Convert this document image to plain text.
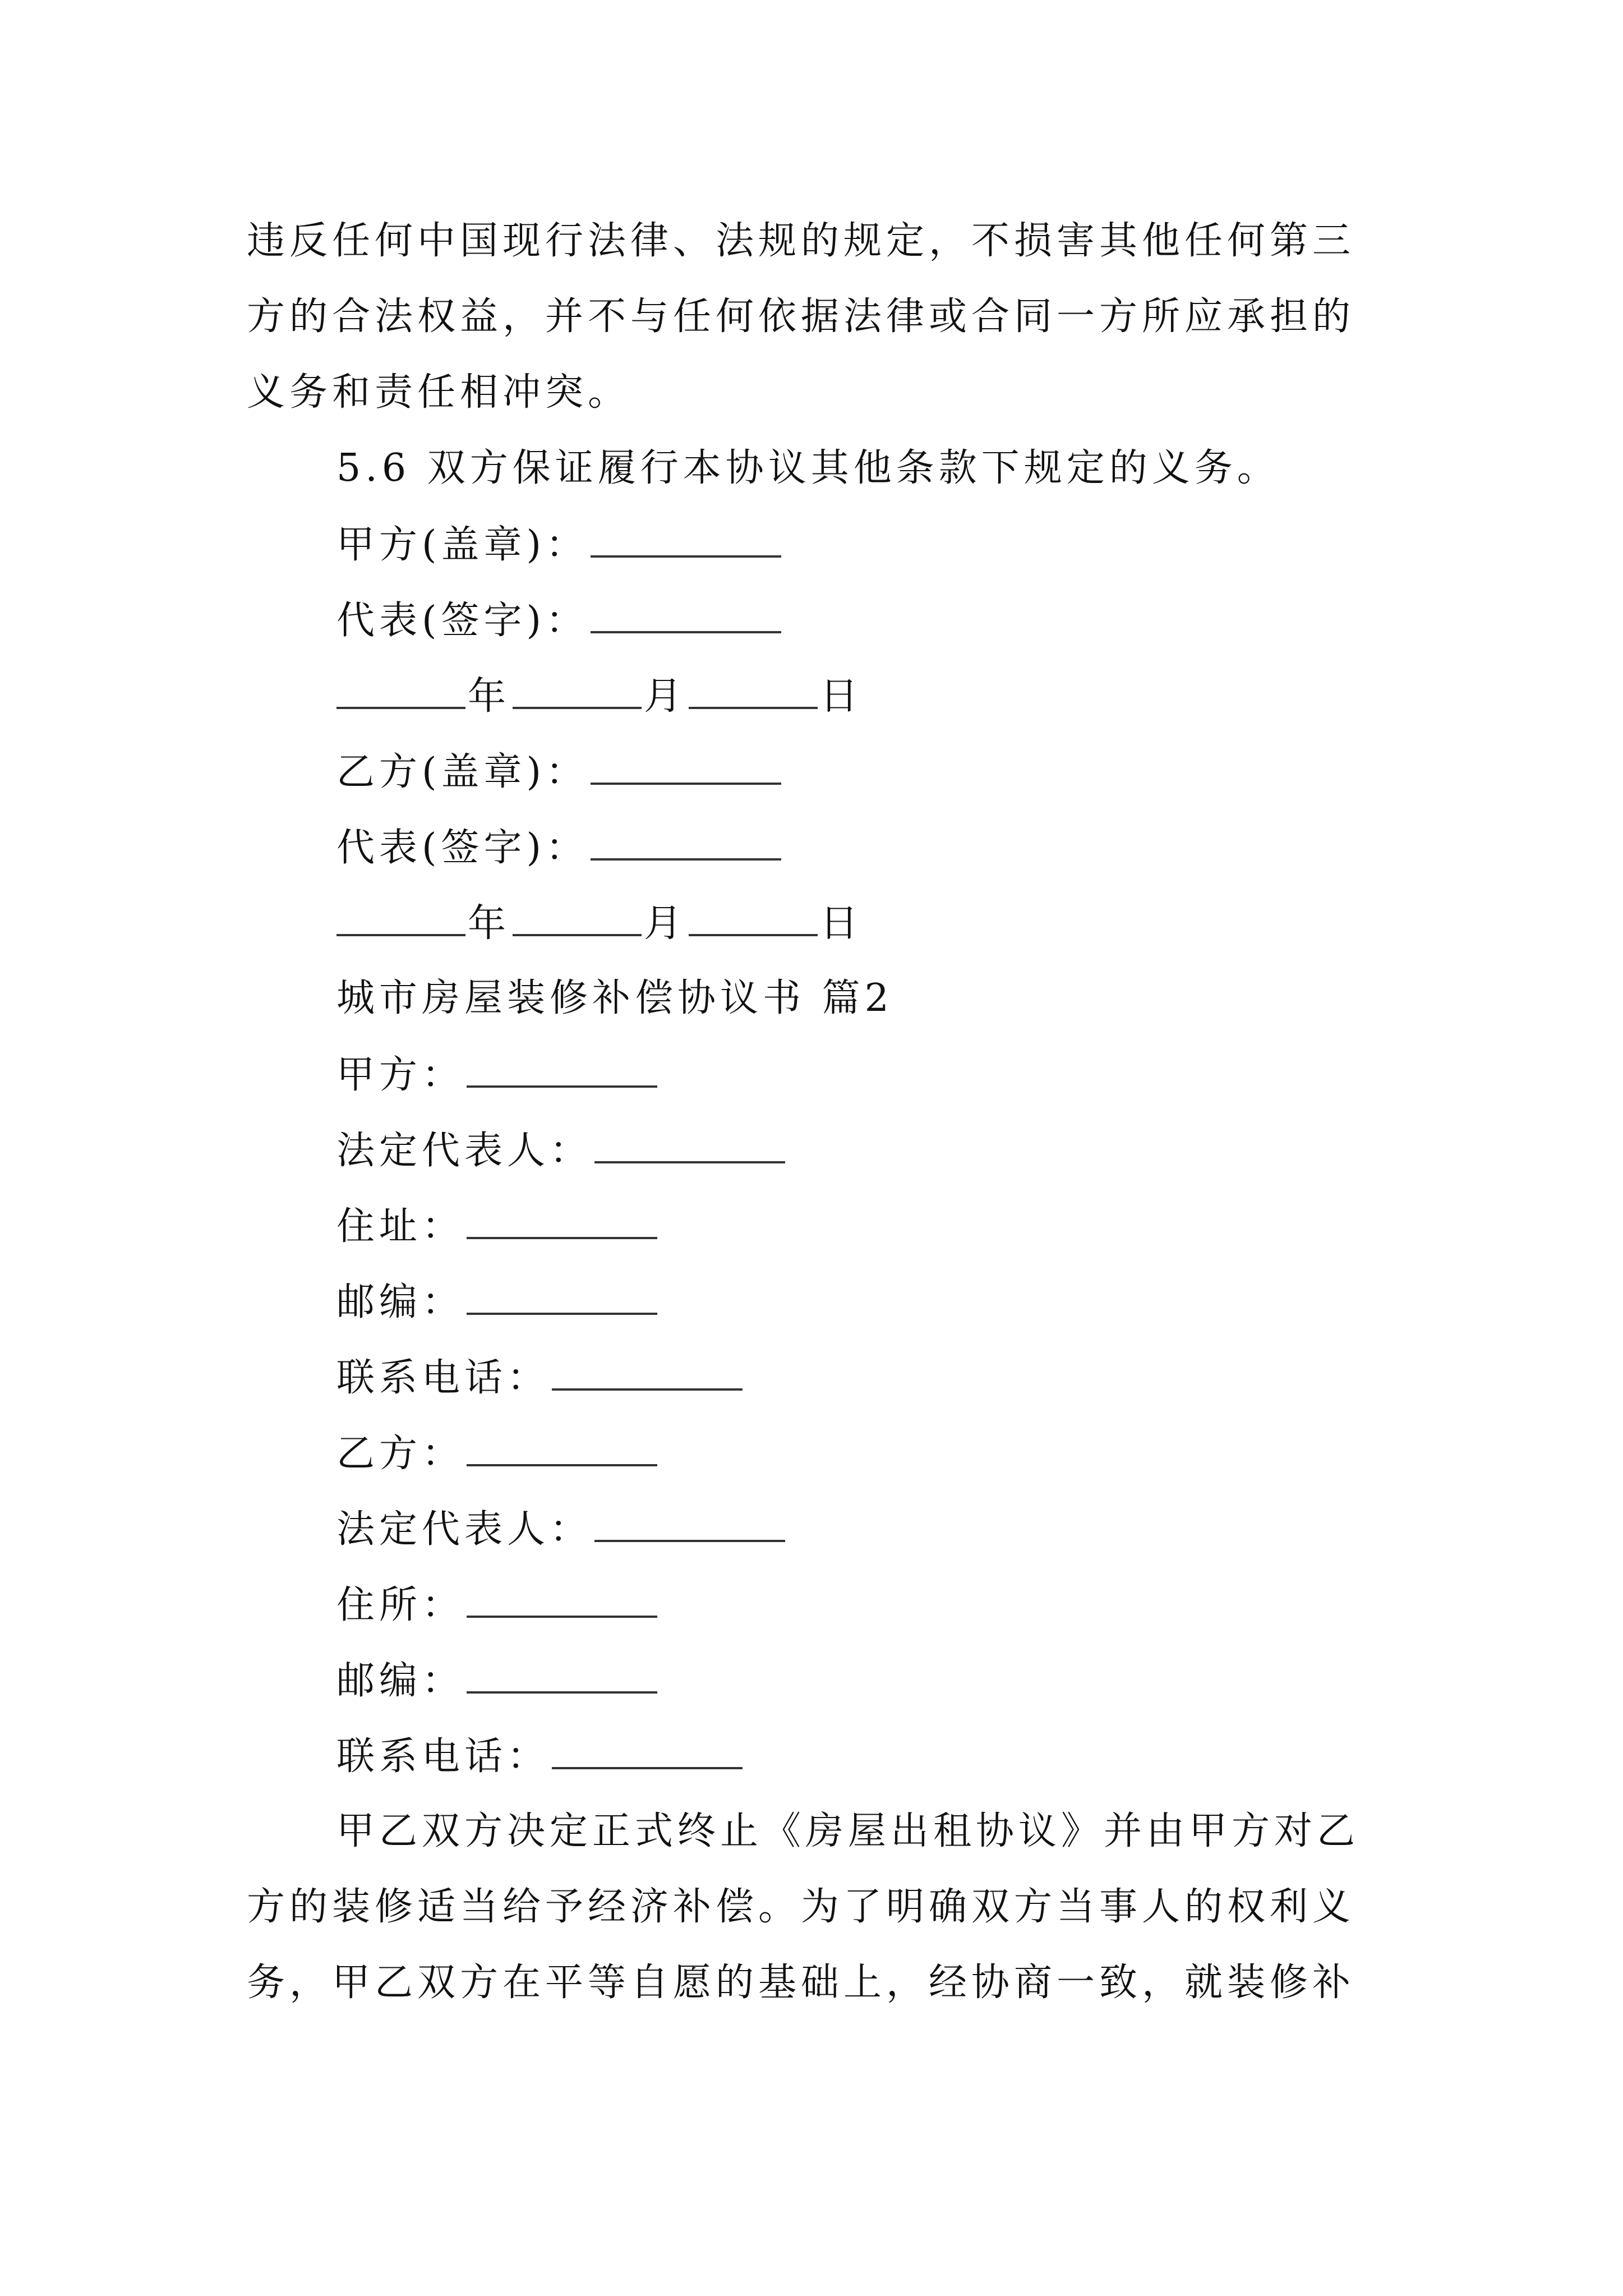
违反任何中国现行法律、法规的规定，不损害其他任何第三
方的合法权益，并不与任何依据法律或合同一方所应承担的
义务和责任相冲突。
5.6 双方保证履行本协议其他条款下规定的义务。
甲方(盖章)：
代表(签字)：
年	月	日
乙方(盖章)：
代表(签字)：
年	月	日
城市房屋装修补偿协议书 篇2
甲方：
法定代表人：
住址：
邮编：
联系电话：
乙方：
法定代表人：
住所：
邮编：
联系电话：
甲乙双方决定正式终止《房屋出租协议》并由甲方对乙
方的装修适当给予经济补偿。为了明确双方当事人的权利义
务，甲乙双方在平等自愿的基础上，经协商一致，就装修补
